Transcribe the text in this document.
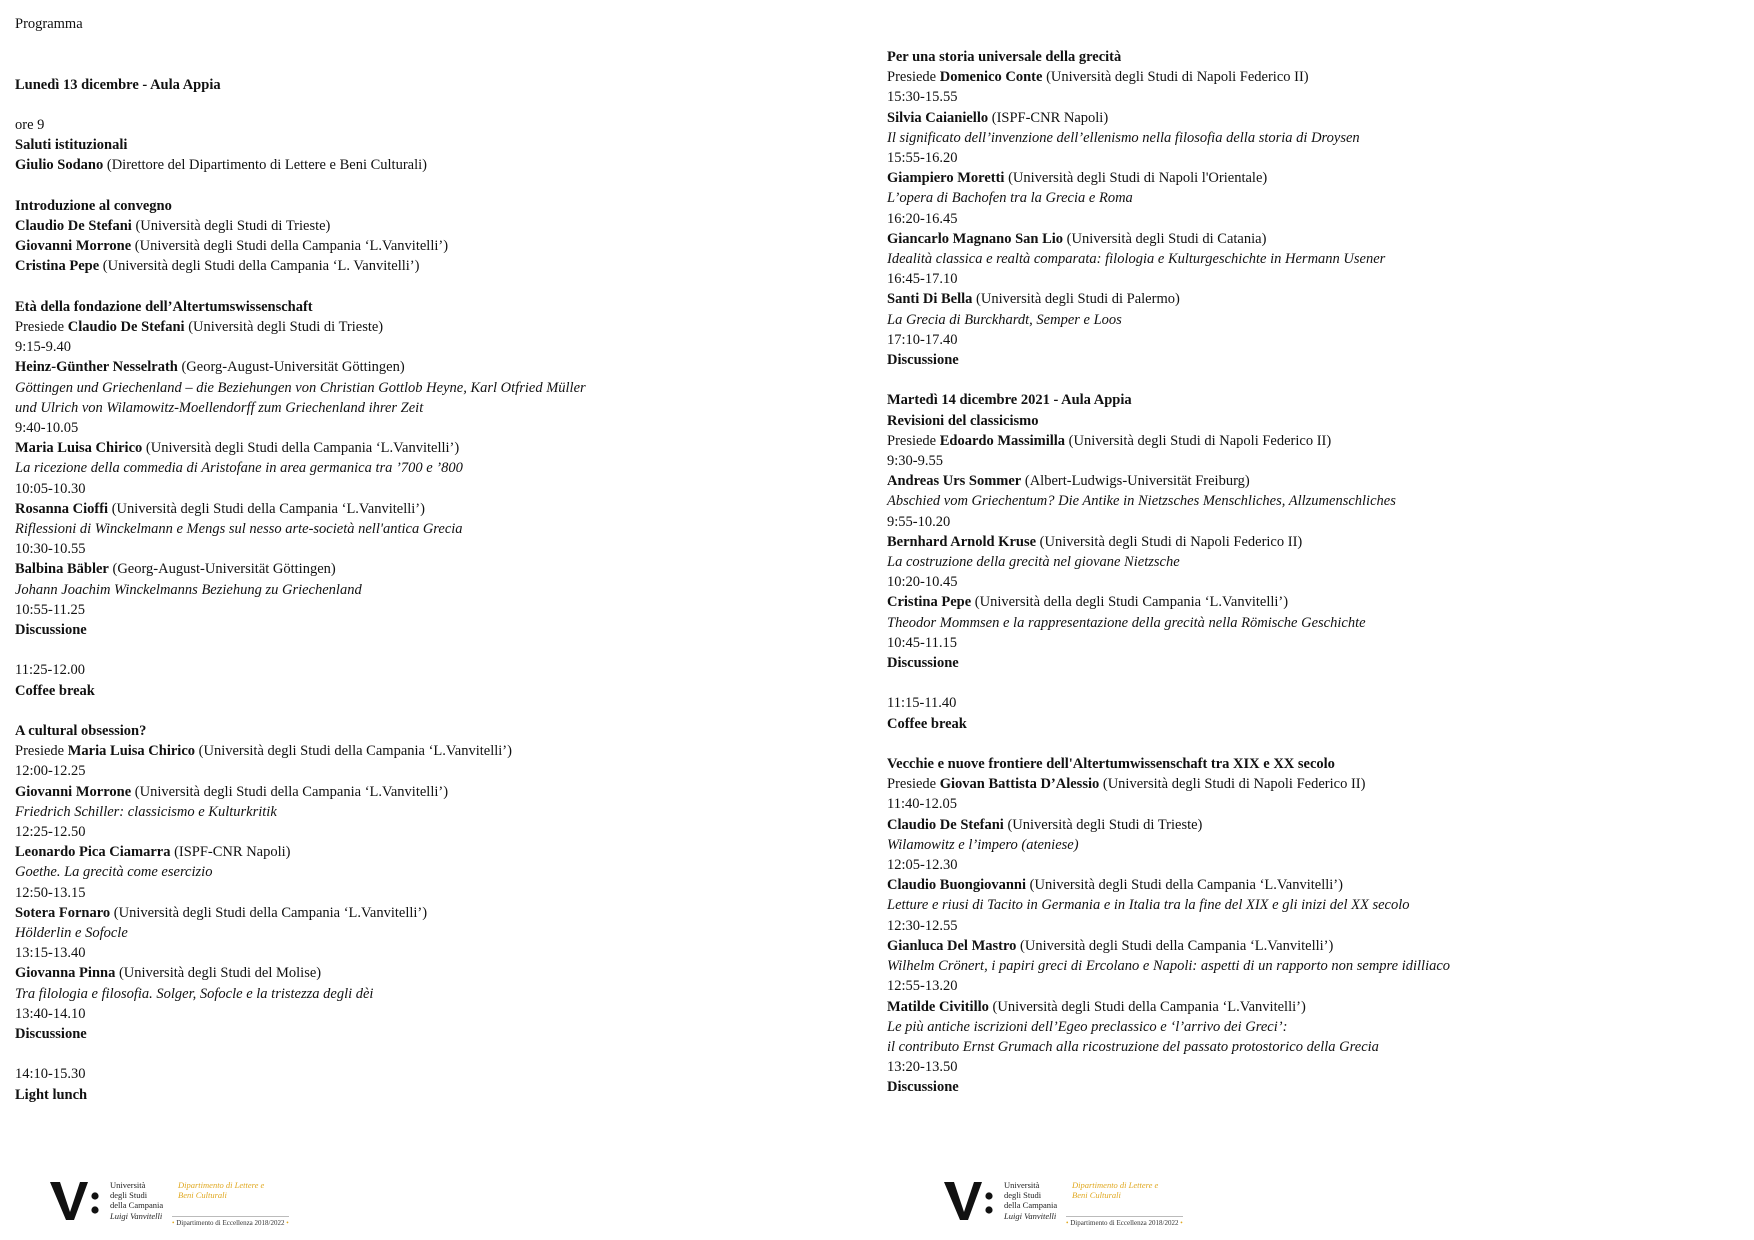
Programma
Lunedì 13 dicembre - Aula Appia
ore 9
Saluti istituzionali
Giulio Sodano (Direttore del Dipartimento di Lettere e Beni Culturali)
Introduzione al convegno
Claudio De Stefani (Università degli Studi di Trieste)
Giovanni Morrone (Università degli Studi della Campania ‘L.Vanvitelli’)
Cristina Pepe (Università degli Studi della Campania ‘L. Vanvitelli’)
Età della fondazione dell’Altertumswissenschaft
Presiede Claudio De Stefani (Università degli Studi di Trieste)
9:15-9.40
Heinz-Günther Nesselrath (Georg-August-Universität Göttingen)
Göttingen und Griechenland – die Beziehungen von Christian Gottlob Heyne, Karl Otfried Müller
und Ulrich von Wilamowitz-Moellendorff zum Griechenland ihrer Zeit
9:40-10.05
Maria Luisa Chirico (Università degli Studi della Campania ‘L.Vanvitelli’)
La ricezione della commedia di Aristofane in area germanica tra ’700 e ’800
10:05-10.30
Rosanna Cioffi (Università degli Studi della Campania ‘L.Vanvitelli’)
Riflessioni di Winckelmann e Mengs sul nesso arte-società nell'antica Grecia
10:30-10.55
Balbina Bäbler (Georg-August-Universität Göttingen)
Johann Joachim Winckelmanns Beziehung zu Griechenland
10:55-11.25
Discussione
11:25-12.00
Coffee break
A cultural obsession?
Presiede Maria Luisa Chirico (Università degli Studi della Campania ‘L.Vanvitelli’)
12:00-12.25
Giovanni Morrone (Università degli Studi della Campania ‘L.Vanvitelli’)
Friedrich Schiller: classicismo e Kulturkritik
12:25-12.50
Leonardo Pica Ciamarra (ISPF-CNR Napoli)
Goethe. La grecità come esercizio
12:50-13.15
Sotera Fornaro (Università degli Studi della Campania ‘L.Vanvitelli’)
Hölderlin e Sofocle
13:15-13.40
Giovanna Pinna (Università degli Studi del Molise)
Tra filologia e filosofia. Solger, Sofocle e la tristezza degli dèi
13:40-14.10
Discussione
14:10-15.30
Light lunch
Per una storia universale della grecità
Presiede Domenico Conte (Università degli Studi di Napoli Federico II)
15:30-15.55
Silvia Caianiello (ISPF-CNR Napoli)
Il significato dell’invenzione dell’ellenismo nella filosofia della storia di Droysen
15:55-16.20
Giampiero Moretti (Università degli Studi di Napoli l'Orientale)
L’opera di Bachofen tra la Grecia e Roma
16:20-16.45
Giancarlo Magnano San Lio (Università degli Studi di Catania)
Idealità classica e realtà comparata: filologia e Kulturgeschichte in Hermann Usener
16:45-17.10
Santi Di Bella (Università degli Studi di Palermo)
La Grecia di Burckhardt, Semper e Loos
17:10-17.40
Discussione
Martedì 14 dicembre 2021 - Aula Appia
Revisioni del classicismo
Presiede Edoardo Massimilla (Università degli Studi di Napoli Federico II)
9:30-9.55
Andreas Urs Sommer (Albert-Ludwigs-Universität Freiburg)
Abschied vom Griechentum? Die Antike in Nietzsches Menschliches, Allzumenschliches
9:55-10.20
Bernhard Arnold Kruse (Università degli Studi di Napoli Federico II)
La costruzione della grecità nel giovane Nietzsche
10:20-10.45
Cristina Pepe (Università della degli Studi Campania ‘L.Vanvitelli’)
Theodor Mommsen e la rappresentazione della grecità nella Römische Geschichte
10:45-11.15
Discussione
11:15-11.40
Coffee break
Vecchie e nuove frontiere dell'Altertumwissenschaft tra XIX e XX secolo
Presiede Giovan Battista D’Alessio (Università degli Studi di Napoli Federico II)
11:40-12.05
Claudio De Stefani (Università degli Studi di Trieste)
Wilamowitz e l’impero (ateniese)
12:05-12.30
Claudio Buongiovanni (Università degli Studi della Campania ‘L.Vanvitelli’)
Letture e riusi di Tacito in Germania e in Italia tra la fine del XIX e gli inizi del XX secolo
12:30-12.55
Gianluca Del Mastro (Università degli Studi della Campania ‘L.Vanvitelli’)
Wilhelm Crönert, i papiri greci di Ercolano e Napoli: aspetti di un rapporto non sempre idilliaco
12:55-13.20
Matilde Civitillo (Università degli Studi della Campania ‘L.Vanvitelli’)
Le più antiche iscrizioni dell’Egeo preclassico e ‘l’arrivo dei Greci’:
il contributo Ernst Grumach alla ricostruzione del passato protostorico della Grecia
13:20-13.50
Discussione
Università
degli Studi
della Campania
Luigi Vanvitelli
Dipartimento di Lettere e
Beni Culturali
• Dipartimento di Eccellenza 2018/2022 •
Università
degli Studi
della Campania
Luigi Vanvitelli
Dipartimento di Lettere e
Beni Culturali
• Dipartimento di Eccellenza 2018/2022 •
